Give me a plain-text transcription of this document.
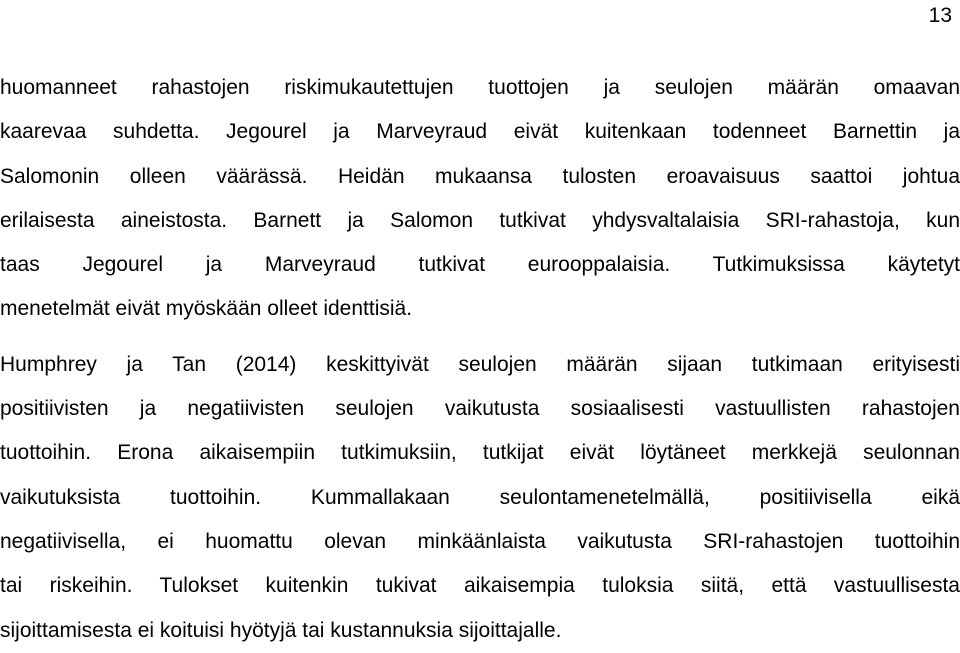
13
huomanneet rahastojen riskimukautettujen tuottojen ja seulojen määrän omaavan
kaarevaa suhdetta. Jegourel ja Marveyraud eivät kuitenkaan todenneet Barnettin ja
Salomonin olleen väärässä. Heidän mukaansa tulosten eroavaisuus saattoi johtua
erilaisesta aineistosta. Barnett ja Salomon tutkivat yhdysvaltalaisia SRI-rahastoja, kun
taas Jegourel ja Marveyraud tutkivat eurooppalaisia. Tutkimuksissa käytetyt
menetelmät eivät myöskään olleet identtisiä.
Humphrey ja Tan (2014) keskittyivät seulojen määrän sijaan tutkimaan erityisesti
positiivisten ja negatiivisten seulojen vaikutusta sosiaalisesti vastuullisten rahastojen
tuottoihin. Erona aikaisempiin tutkimuksiin, tutkijat eivät löytäneet merkkejä seulonnan
vaikutuksista tuottoihin. Kummallakaan seulontamenetelmällä, positiivisella eikä
negatiivisella, ei huomattu olevan minkäänlaista vaikutusta SRI-rahastojen tuottoihin
tai riskeihin. Tulokset kuitenkin tukivat aikaisempia tuloksia siitä, että vastuullisesta
sijoittamisesta ei koituisi hyötyjä tai kustannuksia sijoittajalle.
